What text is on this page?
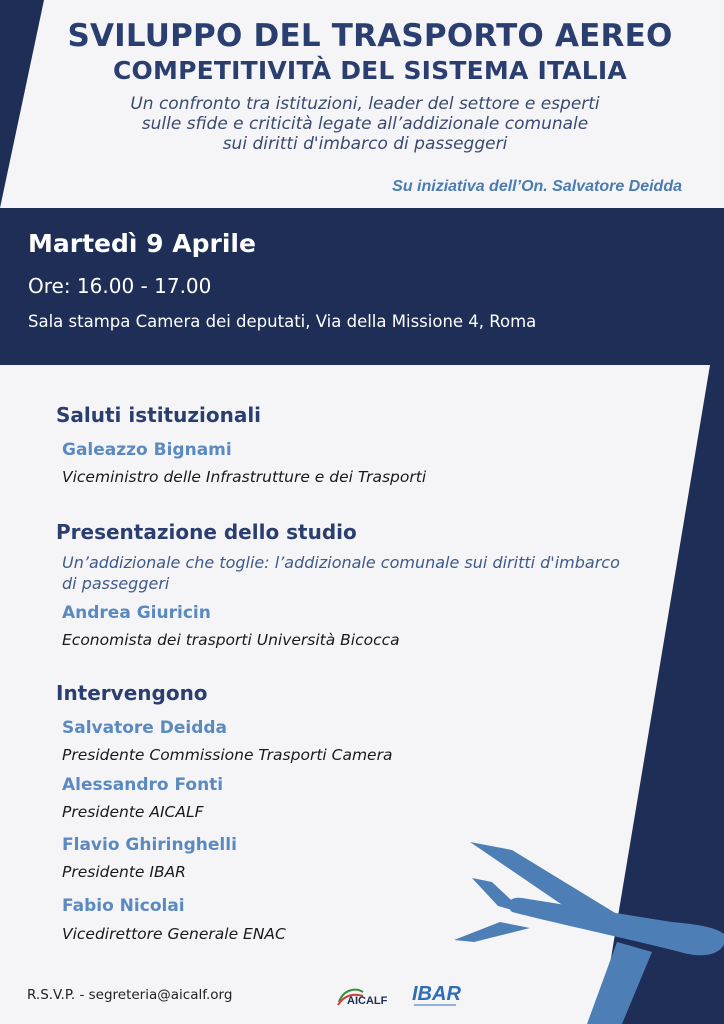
SVILUPPO DEL TRASPORTO AEREO
COMPETITIVITÀ DEL SISTEMA ITALIA
Un confronto tra istituzioni, leader del settore e esperti
sulle sfide e criticità legate all’addizionale comunale
sui diritti d'imbarco di passeggeri
Su iniziativa dell’On. Salvatore Deidda
Martedì 9 Aprile
Ore: 16.00 - 17.00
Sala stampa Camera dei deputati, Via della Missione 4, Roma
Saluti istituzionali
Galeazzo Bignami
Viceministro delle Infrastrutture e dei Trasporti
Presentazione dello studio
Un’addizionale che toglie: l’addizionale comunale sui diritti d'imbarco di passeggeri
Andrea Giuricin
Economista dei trasporti Università Bicocca
Intervengono
Salvatore Deidda
Presidente Commissione Trasporti Camera
Alessandro Fonti
Presidente AICALF
Flavio Ghiringhelli
Presidente IBAR
Fabio Nicolai
Vicedirettore Generale ENAC
R.S.V.P. - segreteria@aicalf.org	AICALF IBAR
